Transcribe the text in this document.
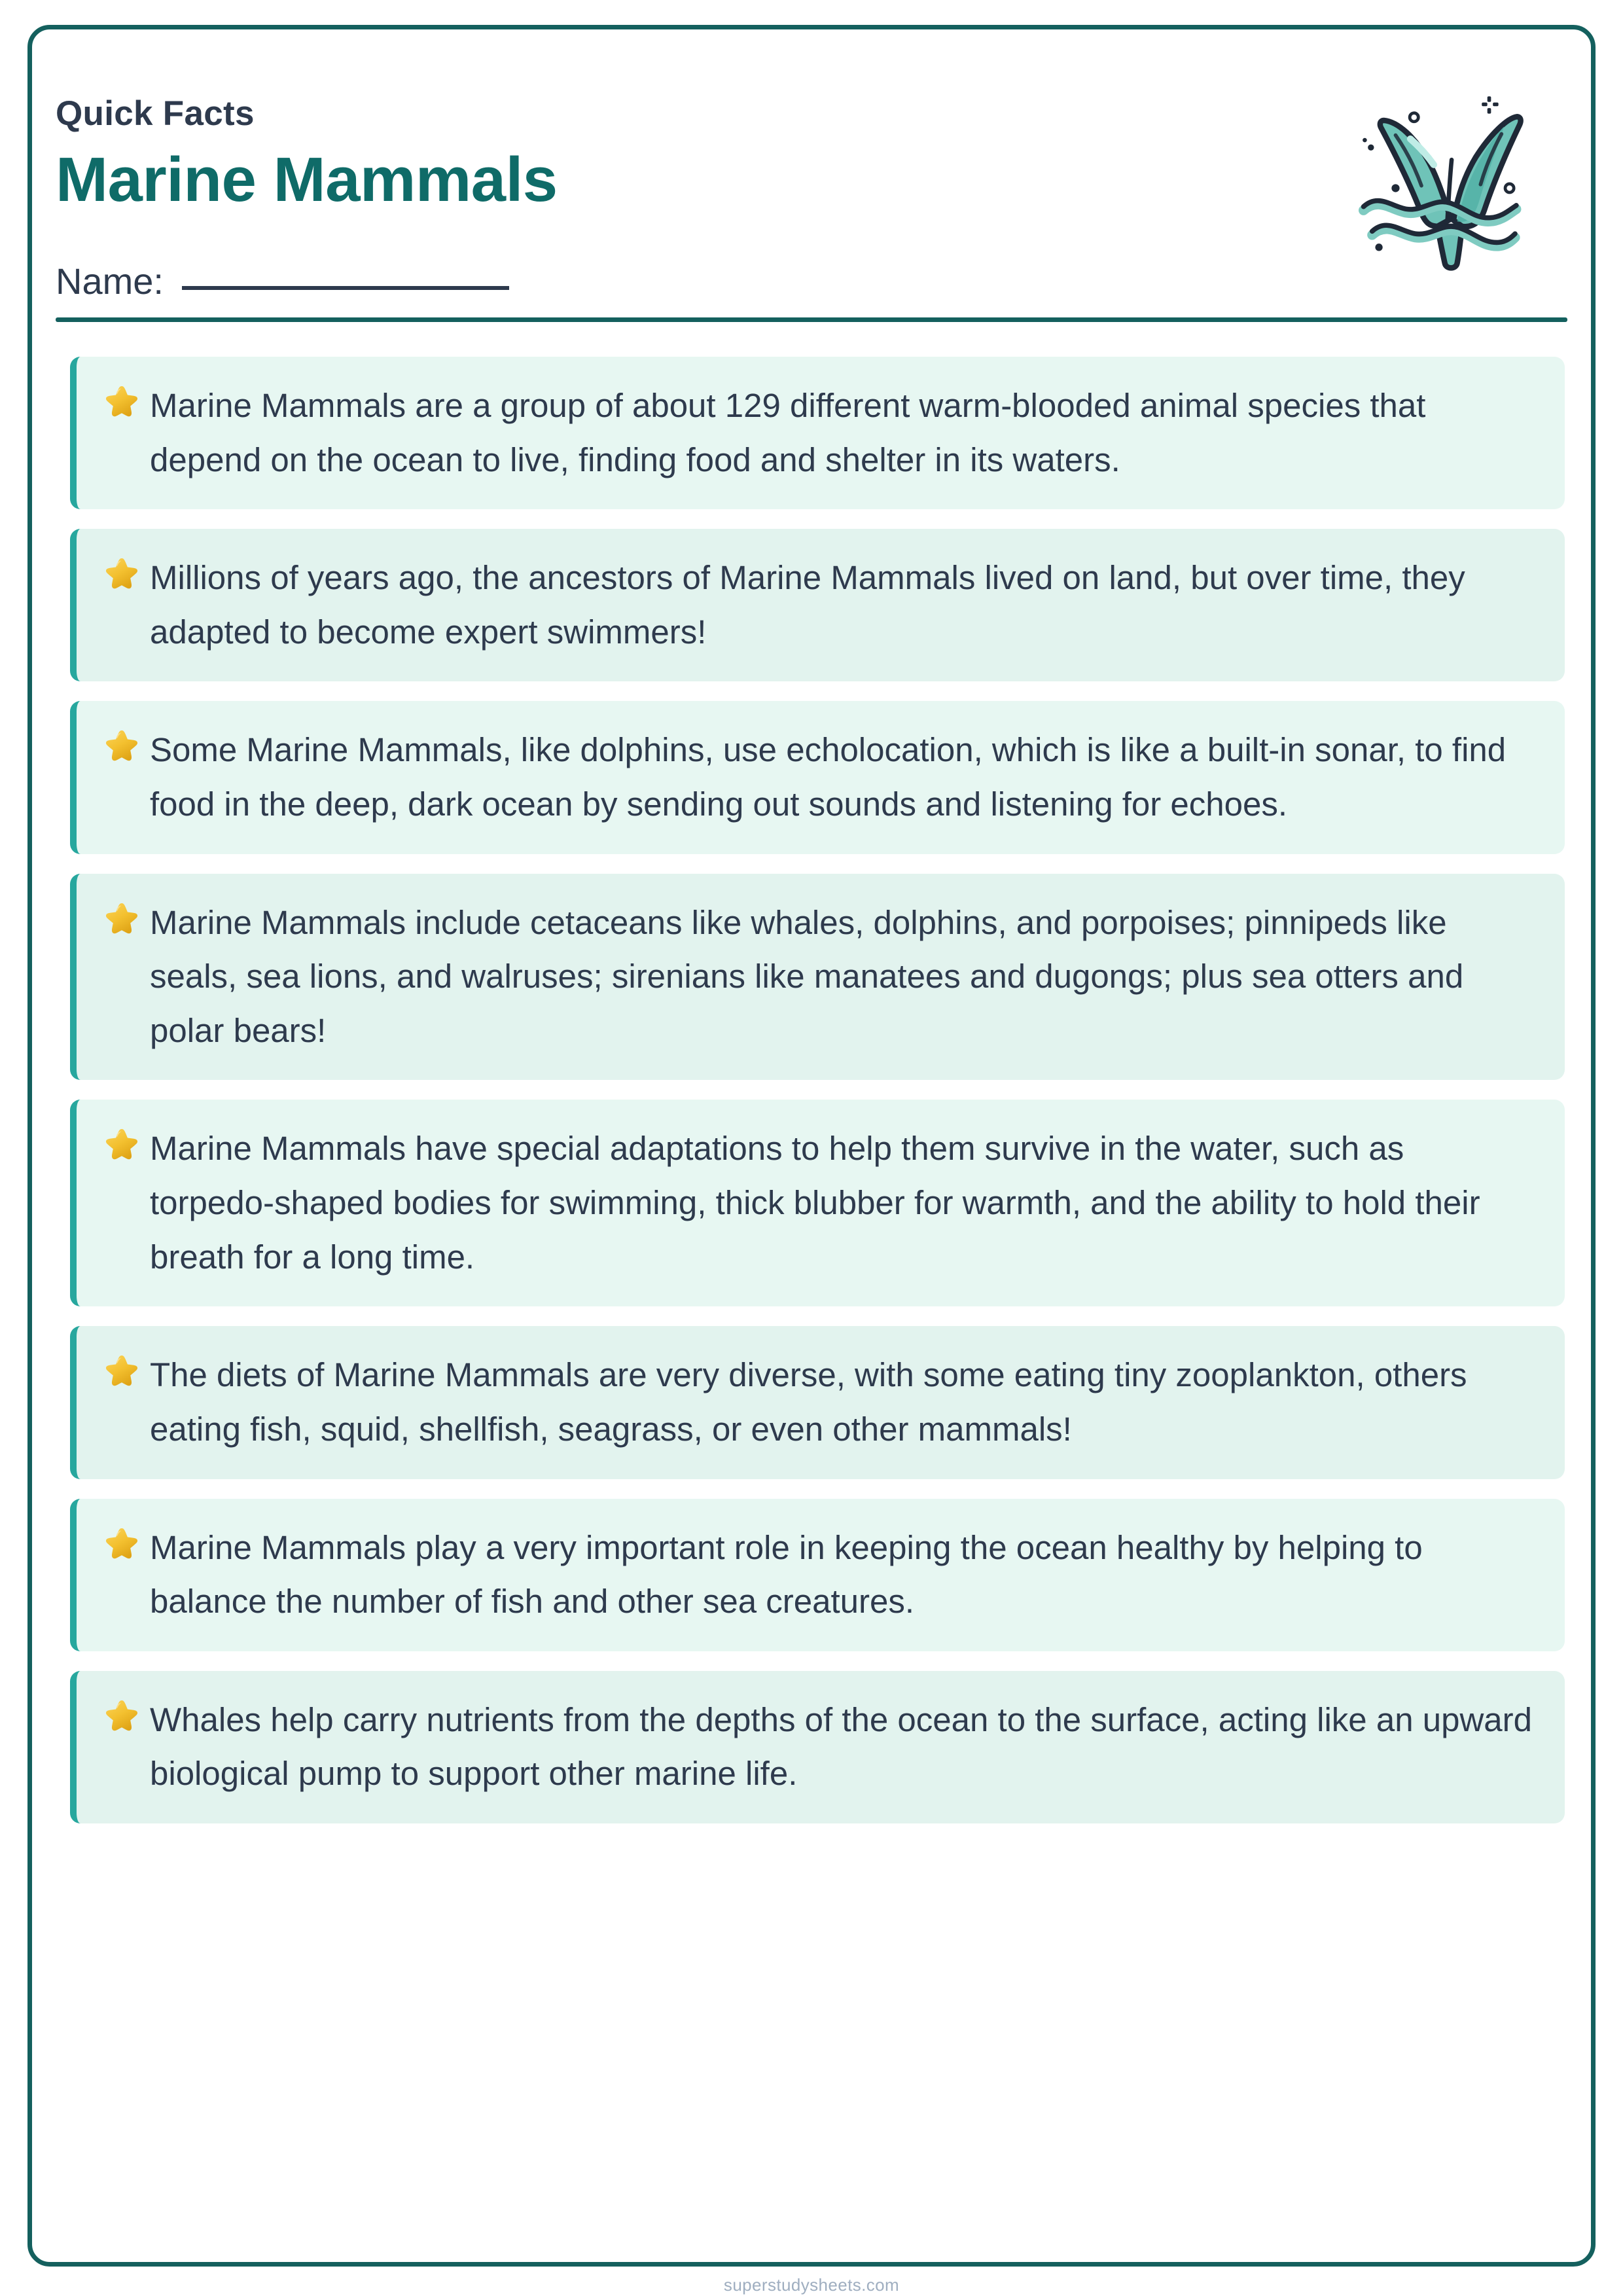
Quick Facts
Marine Mammals
Name:
Marine Mammals are a group of about 129 different warm-blooded animal species that depend on the ocean to live, finding food and shelter in its waters.
Millions of years ago, the ancestors of Marine Mammals lived on land, but over time, they adapted to become expert swimmers!
Some Marine Mammals, like dolphins, use echolocation, which is like a built-in sonar, to find food in the deep, dark ocean by sending out sounds and listening for echoes.
Marine Mammals include cetaceans like whales, dolphins, and porpoises; pinnipeds like seals, sea lions, and walruses; sirenians like manatees and dugongs; plus sea otters and polar bears!
Marine Mammals have special adaptations to help them survive in the water, such as torpedo-shaped bodies for swimming, thick blubber for warmth, and the ability to hold their breath for a long time.
The diets of Marine Mammals are very diverse, with some eating tiny zooplankton, others eating fish, squid, shellfish, seagrass, or even other mammals!
Marine Mammals play a very important role in keeping the ocean healthy by helping to balance the number of fish and other sea creatures.
Whales help carry nutrients from the depths of the ocean to the surface, acting like an upward biological pump to support other marine life.
superstudysheets.com
